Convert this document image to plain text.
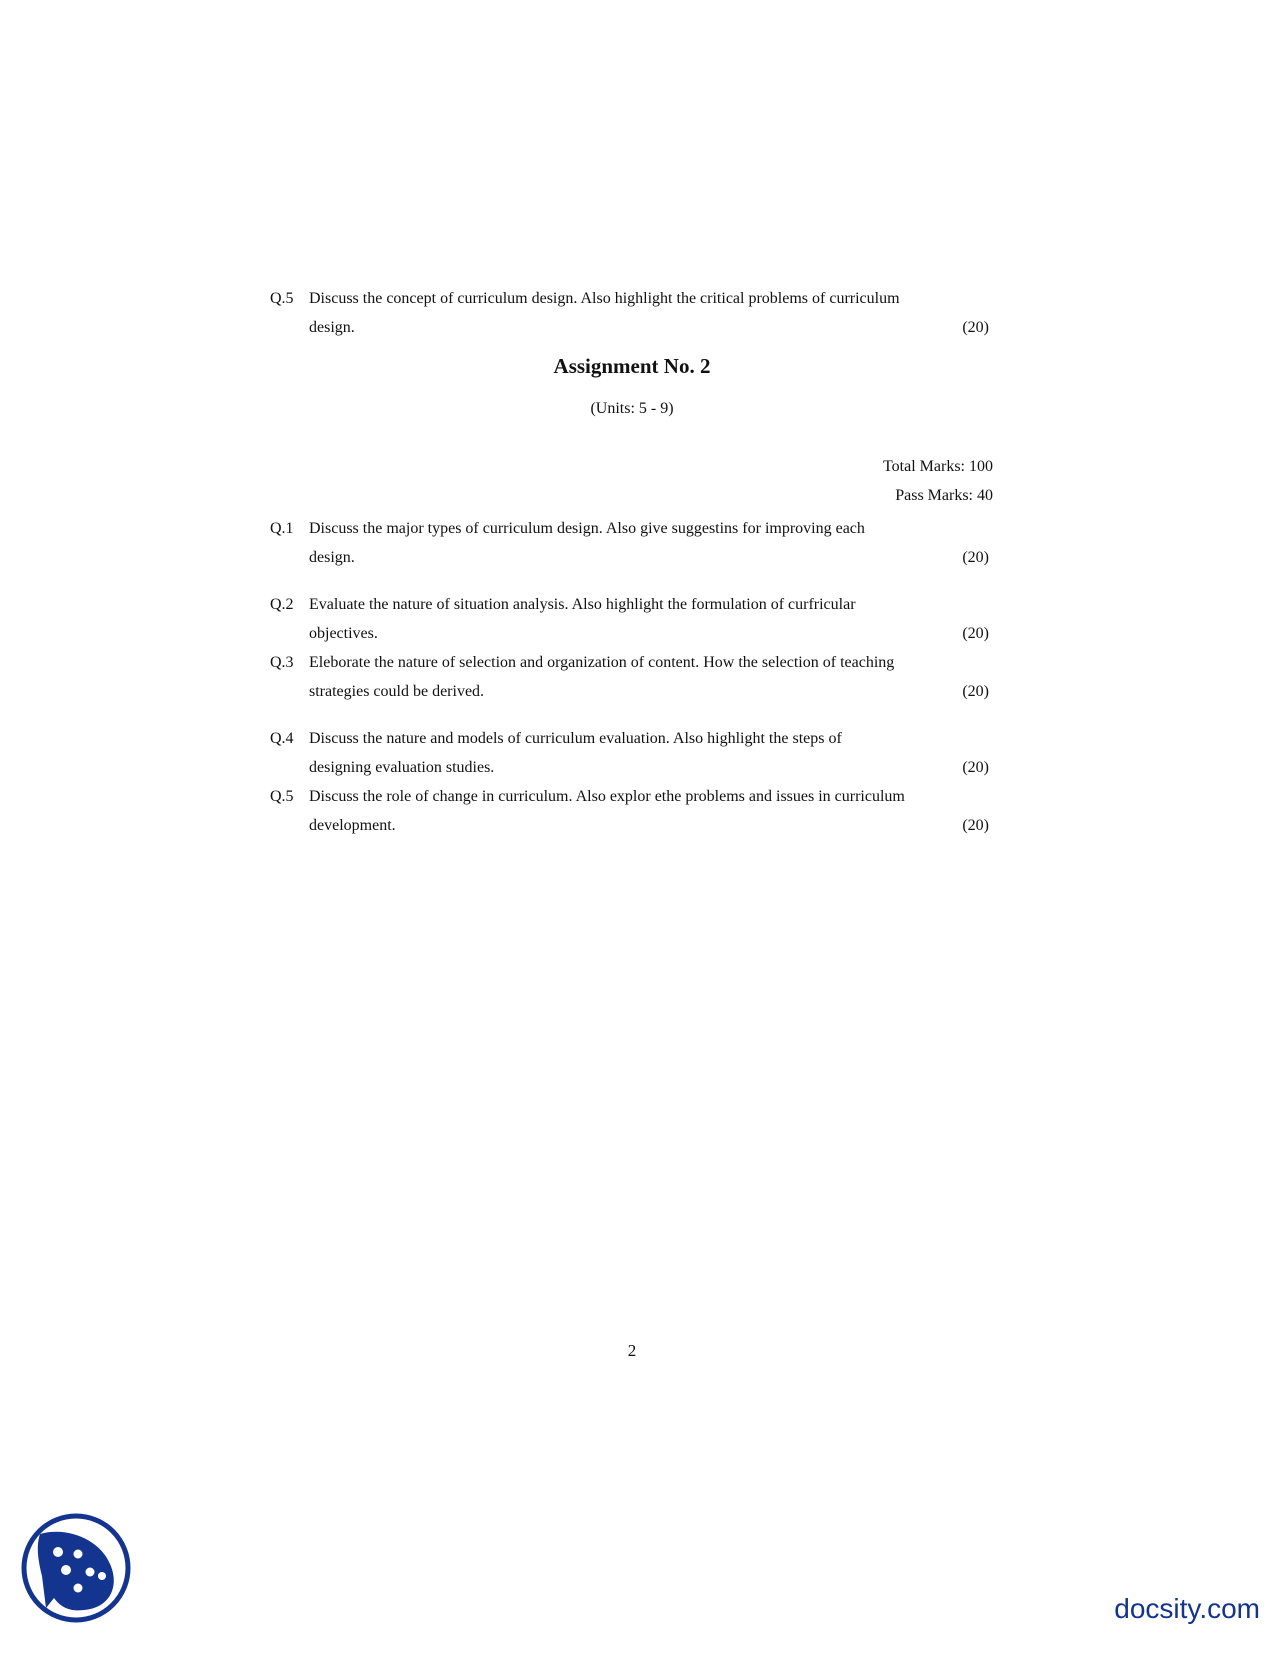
Q.5 Discuss the concept of curriculum design. Also highlight the critical problems of curriculum
design.	(20)
Assignment No. 2
(Units: 5 - 9)
Total Marks: 100
Pass Marks: 40
Q.1 Discuss the major types of curriculum design. Also give suggestins for improving each
design.	(20)
Q.2 Evaluate the nature of situation analysis. Also highlight the formulation of curfricular
objectives.	(20)
Q.3 Eleborate the nature of selection and organization of content. How the selection of teaching
strategies could be derived.	(20)
Q.4 Discuss the nature and models of curriculum evaluation. Also highlight the steps of
designing evaluation studies.	(20)
Q.5 Discuss the role of change in curriculum. Also explor ethe problems and issues in curriculum
development.	(20)
2
docsity.com
